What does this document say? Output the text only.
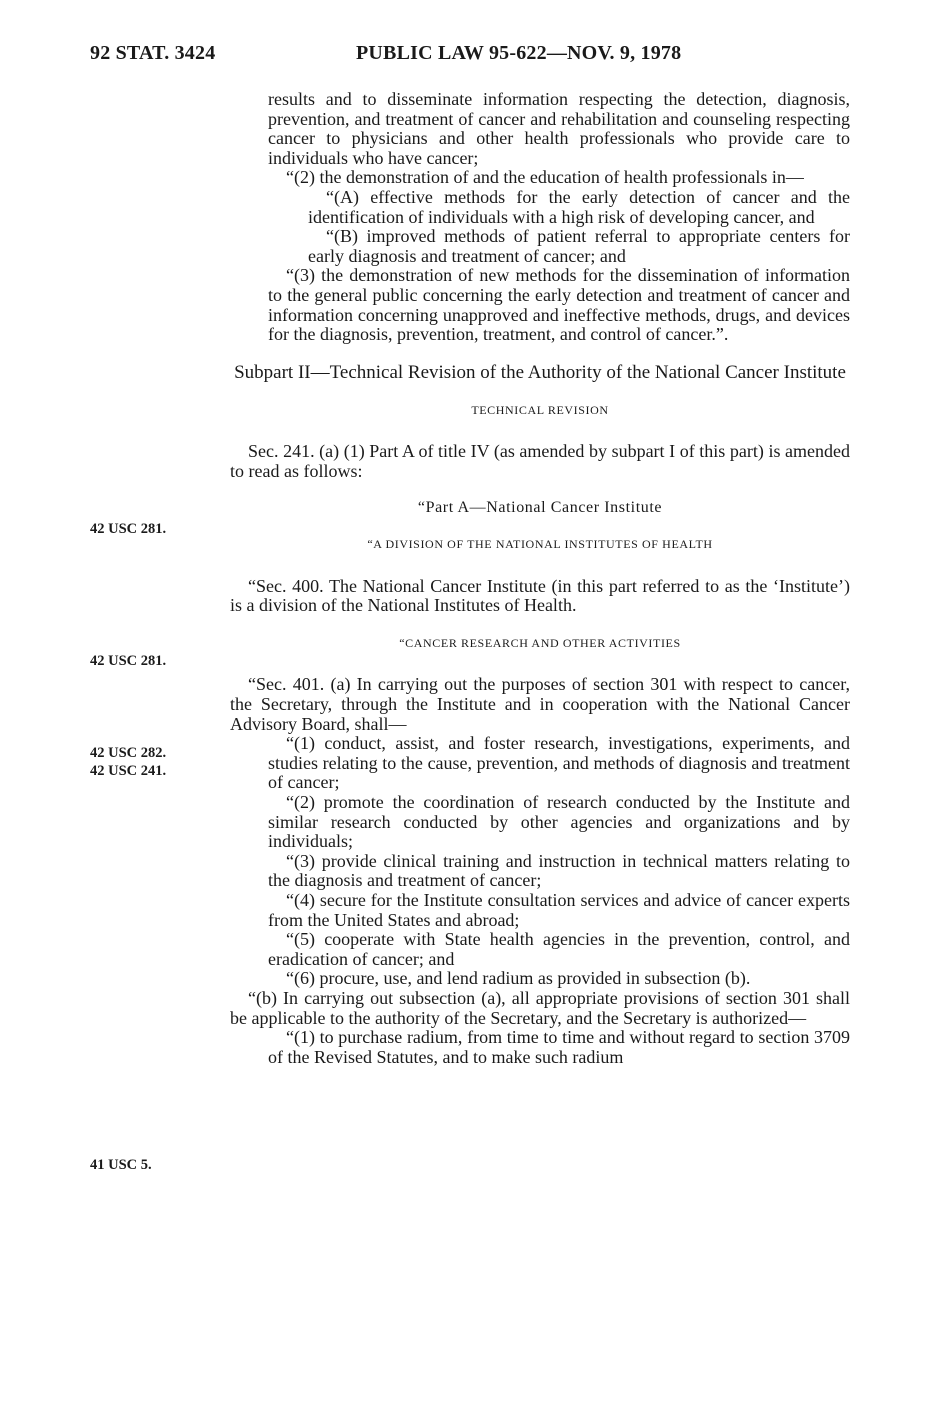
92 STAT. 3424	PUBLIC LAW 95-622—NOV. 9, 1978
42 USC 281.
42 USC 281.
42 USC 282.
42 USC 241.
41 USC 5.

results and to disseminate information respecting the detection, diagnosis, prevention, and treatment of cancer and rehabilitation and counseling respecting cancer to physicians and other health professionals who provide care to individuals who have cancer;

“(2) the demonstration of and the education of health professionals in—

“(A) effective methods for the early detection of cancer and the identification of individuals with a high risk of developing cancer, and

“(B) improved methods of patient referral to appropriate centers for early diagnosis and treatment of cancer; and

“(3) the demonstration of new methods for the dissemination of information to the general public concerning the early detection and treatment of cancer and information concerning unapproved and ineffective methods, drugs, and devices for the diagnosis, prevention, treatment, and control of cancer.”.

Subpart II—Technical Revision of the Authority of the National Cancer Institute

TECHNICAL REVISION

Sec. 241. (a) (1) Part A of title IV (as amended by subpart I of this part) is amended to read as follows:

“Part A—National Cancer Institute

“A DIVISION OF THE NATIONAL INSTITUTES OF HEALTH

“Sec. 400. The National Cancer Institute (in this part referred to as the ‘Institute’) is a division of the National Institutes of Health.

“CANCER RESEARCH AND OTHER ACTIVITIES

“Sec. 401. (a) In carrying out the purposes of section 301 with respect to cancer, the Secretary, through the Institute and in cooperation with the National Cancer Advisory Board, shall—

“(1) conduct, assist, and foster research, investigations, experiments, and studies relating to the cause, prevention, and methods of diagnosis and treatment of cancer;

“(2) promote the coordination of research conducted by the Institute and similar research conducted by other agencies and organizations and by individuals;

“(3) provide clinical training and instruction in technical matters relating to the diagnosis and treatment of cancer;

“(4) secure for the Institute consultation services and advice of cancer experts from the United States and abroad;

“(5) cooperate with State health agencies in the prevention, control, and eradication of cancer; and

“(6) procure, use, and lend radium as provided in subsection (b).

“(b) In carrying out subsection (a), all appropriate provisions of section 301 shall be applicable to the authority of the Secretary, and the Secretary is authorized—

“(1) to purchase radium, from time to time and without regard to section 3709 of the Revised Statutes, and to make such radium
